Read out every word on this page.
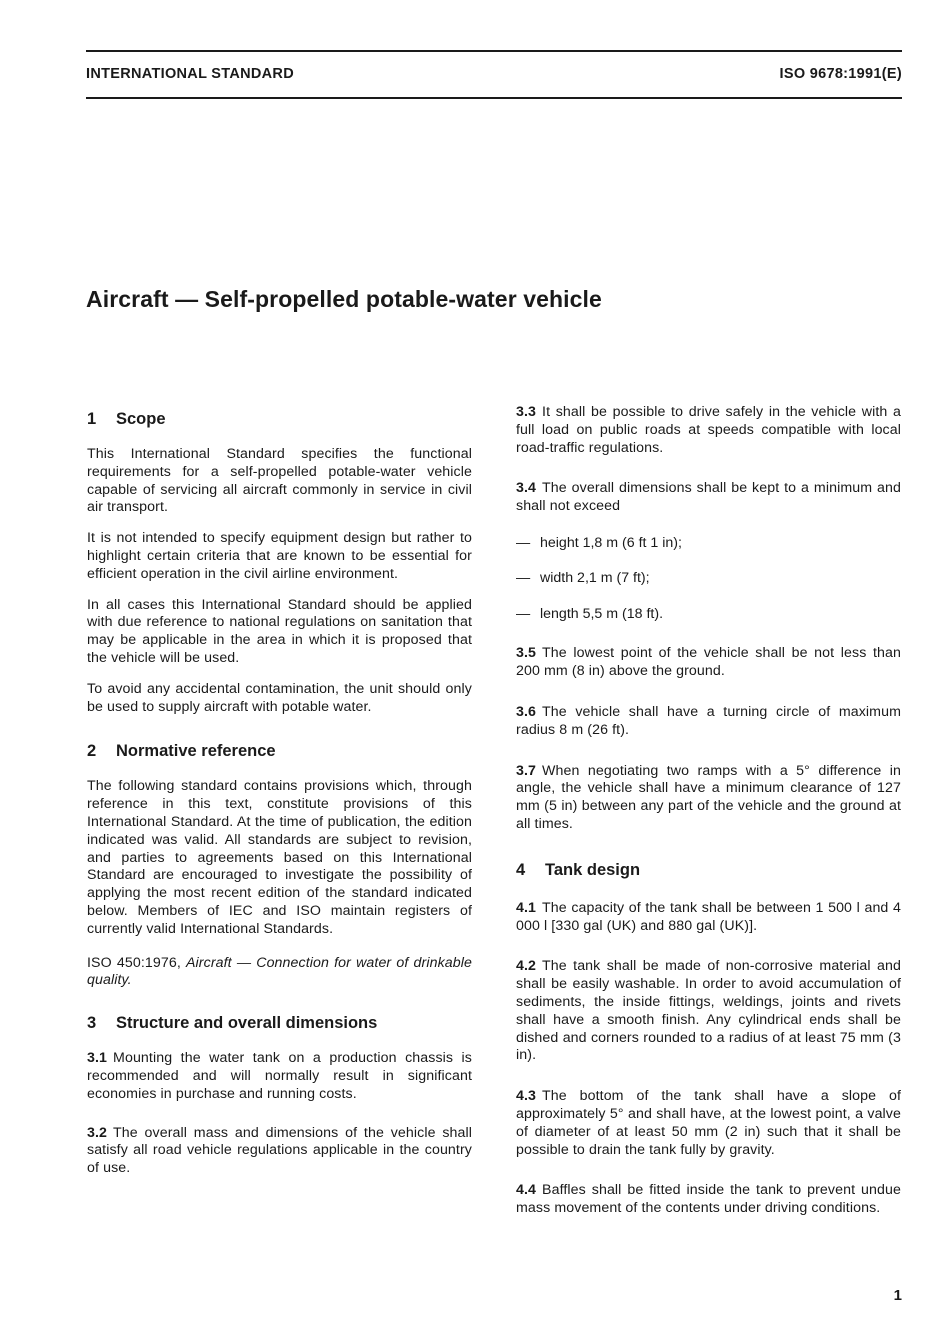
INTERNATIONAL STANDARD	ISO 9678:1991(E)
Aircraft — Self-propelled potable-water vehicle
1 Scope

This International Standard specifies the functional requirements for a self-propelled potable-water vehicle capable of servicing all aircraft commonly in service in civil air transport.

It is not intended to specify equipment design but rather to highlight certain criteria that are known to be essential for efficient operation in the civil airline environment.

In all cases this International Standard should be applied with due reference to national regulations on sanitation that may be applicable in the area in which it is proposed that the vehicle will be used.

To avoid any accidental contamination, the unit should only be used to supply aircraft with potable water.

2 Normative reference

The following standard contains provisions which, through reference in this text, constitute provisions of this International Standard. At the time of publication, the edition indicated was valid. All standards are subject to revision, and parties to agreements based on this International Standard are encouraged to investigate the possibility of applying the most recent edition of the standard indicated below. Members of IEC and ISO maintain registers of currently valid International Standards.

ISO 450:1976, Aircraft — Connection for water of drinkable quality.

3 Structure and overall dimensions

3.1 Mounting the water tank on a production chassis is recommended and will normally result in significant economies in purchase and running costs.

3.2 The overall mass and dimensions of the vehicle shall satisfy all road vehicle regulations applicable in the country of use.

3.3 It shall be possible to drive safely in the vehicle with a full load on public roads at speeds compatible with local road-traffic regulations.

3.4 The overall dimensions shall be kept to a minimum and shall not exceed

— height 1,8 m (6 ft 1 in);
— width 2,1 m (7 ft);
— length 5,5 m (18 ft).

3.5 The lowest point of the vehicle shall be not less than 200 mm (8 in) above the ground.

3.6 The vehicle shall have a turning circle of maximum radius 8 m (26 ft).

3.7 When negotiating two ramps with a 5° difference in angle, the vehicle shall have a minimum clearance of 127 mm (5 in) between any part of the vehicle and the ground at all times.

4 Tank design

4.1 The capacity of the tank shall be between 1 500 l and 4 000 l [330 gal (UK) and 880 gal (UK)].

4.2 The tank shall be made of non-corrosive material and shall be easily washable. In order to avoid accumulation of sediments, the inside fittings, weldings, joints and rivets shall have a smooth finish. Any cylindrical ends shall be dished and corners rounded to a radius of at least 75 mm (3 in).

4.3 The bottom of the tank shall have a slope of approximately 5° and shall have, at the lowest point, a valve of diameter of at least 50 mm (2 in) such that it shall be possible to drain the tank fully by gravity.

4.4 Baffles shall be fitted inside the tank to prevent undue mass movement of the contents under driving conditions.

1
